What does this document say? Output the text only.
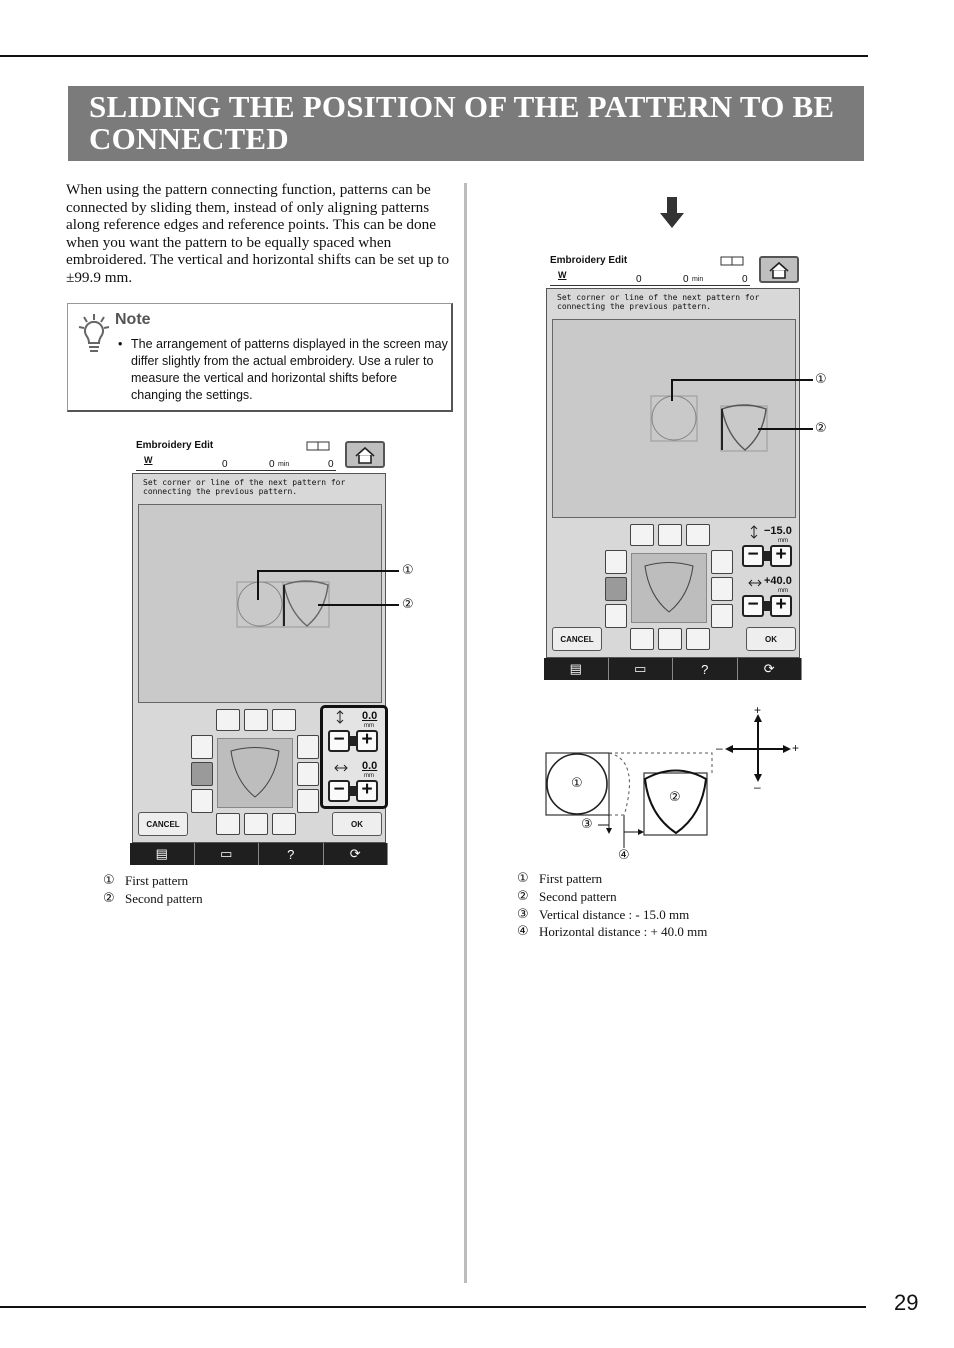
SLIDING THE POSITION OF THE PATTERN TO BE CONNECTED
29
When using the pattern connecting function, patterns can be connected by sliding them, instead of only aligning patterns along reference edges and reference points. This can be done when you want the pattern to be equally spaced when embroidered. The vertical and horizontal shifts can be set up to ±99.9 mm.
Note
• The arrangement of patterns displayed in the screen may differ slightly from the actual embroidery. Use a ruler to measure the vertical and horizontal shifts before changing the settings.
Embroidery Edit
W	0	0 min	0
Set corner or line of the next pattern for connecting the previous pattern.
CANCEL	OK
0.0
mm
− +
0.0
mm
− +
▤	▭	?	⟳
①
②
① First pattern
② Second pattern
Embroidery Edit
W	0	0 min	0
Set corner or line of the next pattern for connecting the previous pattern.
CANCEL	OK
−15.0
mm
− +
+40.0
mm
− +
▤	▭	?	⟳
①
②
①
②
③
④
+
–
–	+
① First pattern
② Second pattern
③ Vertical distance : - 15.0 mm
④ Horizontal distance : + 40.0 mm
